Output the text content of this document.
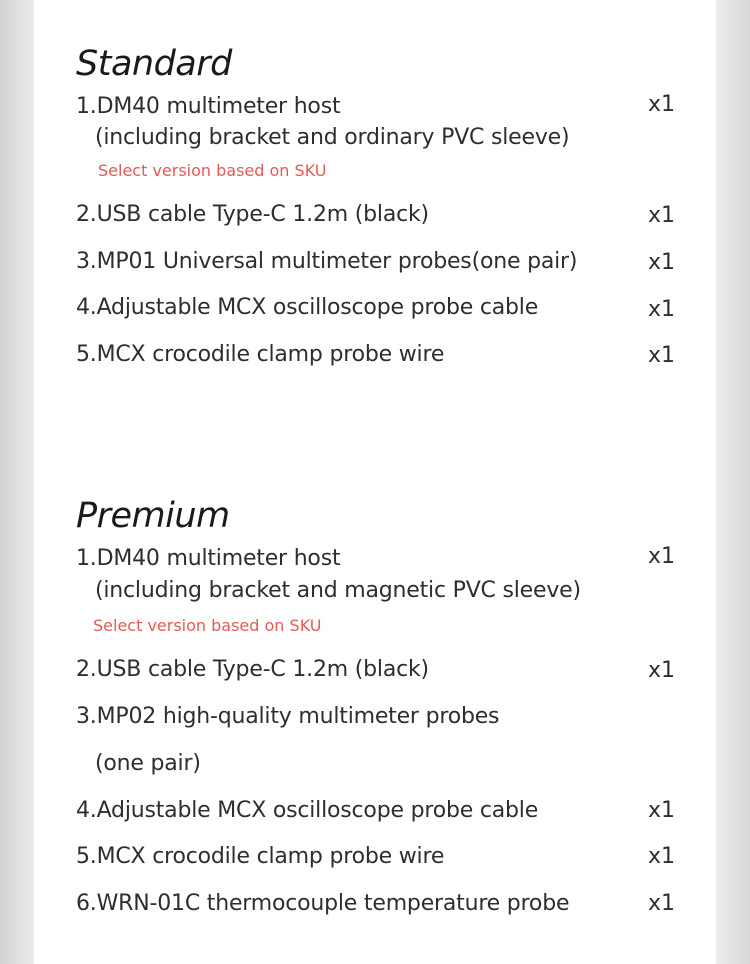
Standard
1.DM40 multimeter host	x1
(including bracket and ordinary PVC sleeve)
Select version based on SKU
2.USB cable Type-C 1.2m (black)	x1
3.MP01 Universal multimeter probes(one pair)	x1
4.Adjustable MCX oscilloscope probe cable	x1
5.MCX crocodile clamp probe wire	x1
Premium
1.DM40 multimeter host	x1
(including bracket and magnetic PVC sleeve)
Select version based on SKU
2.USB cable Type-C 1.2m (black)	x1
3.MP02 high-quality multimeter probes
(one pair)
4.Adjustable MCX oscilloscope probe cable	x1
5.MCX crocodile clamp probe wire	x1
6.WRN-01C thermocouple temperature probe	x1
